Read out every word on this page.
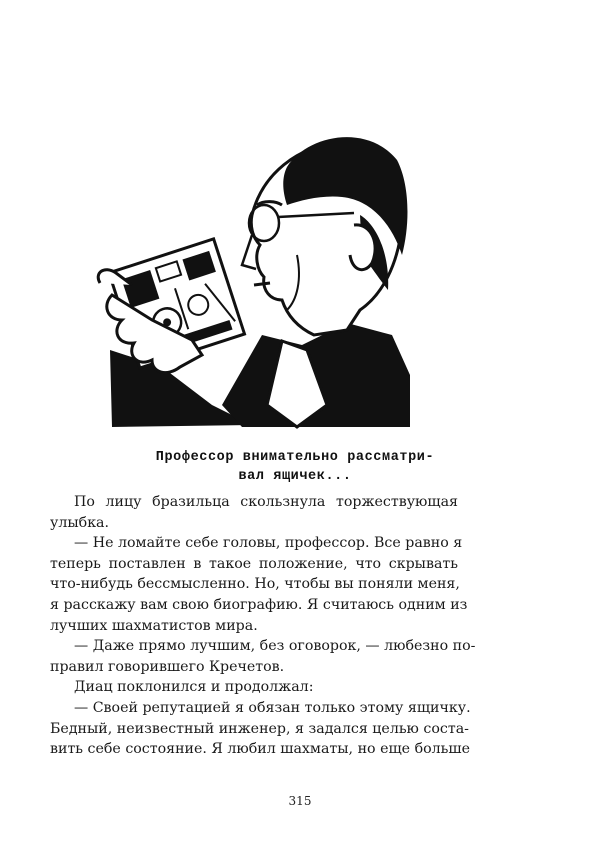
Профессор внимательно рассматри-
вал ящичек...
По лицу бразильца скользнула торжествующая
улыбка.
— Не ломайте себе головы, профессор. Все равно я
теперь поставлен в такое положение, что скрывать
что-нибудь бессмысленно. Но, чтобы вы поняли меня,
я расскажу вам свою биографию. Я считаюсь одним из
лучших шахматистов мира.
— Даже прямо лучшим, без оговорок, — любезно по-
правил говорившего Кречетов.
Диац поклонился и продолжал:
— Своей репутацией я обязан только этому ящичку.
Бедный, неизвестный инженер, я задался целью соста-
вить себе состояние. Я любил шахматы, но еще больше
315
